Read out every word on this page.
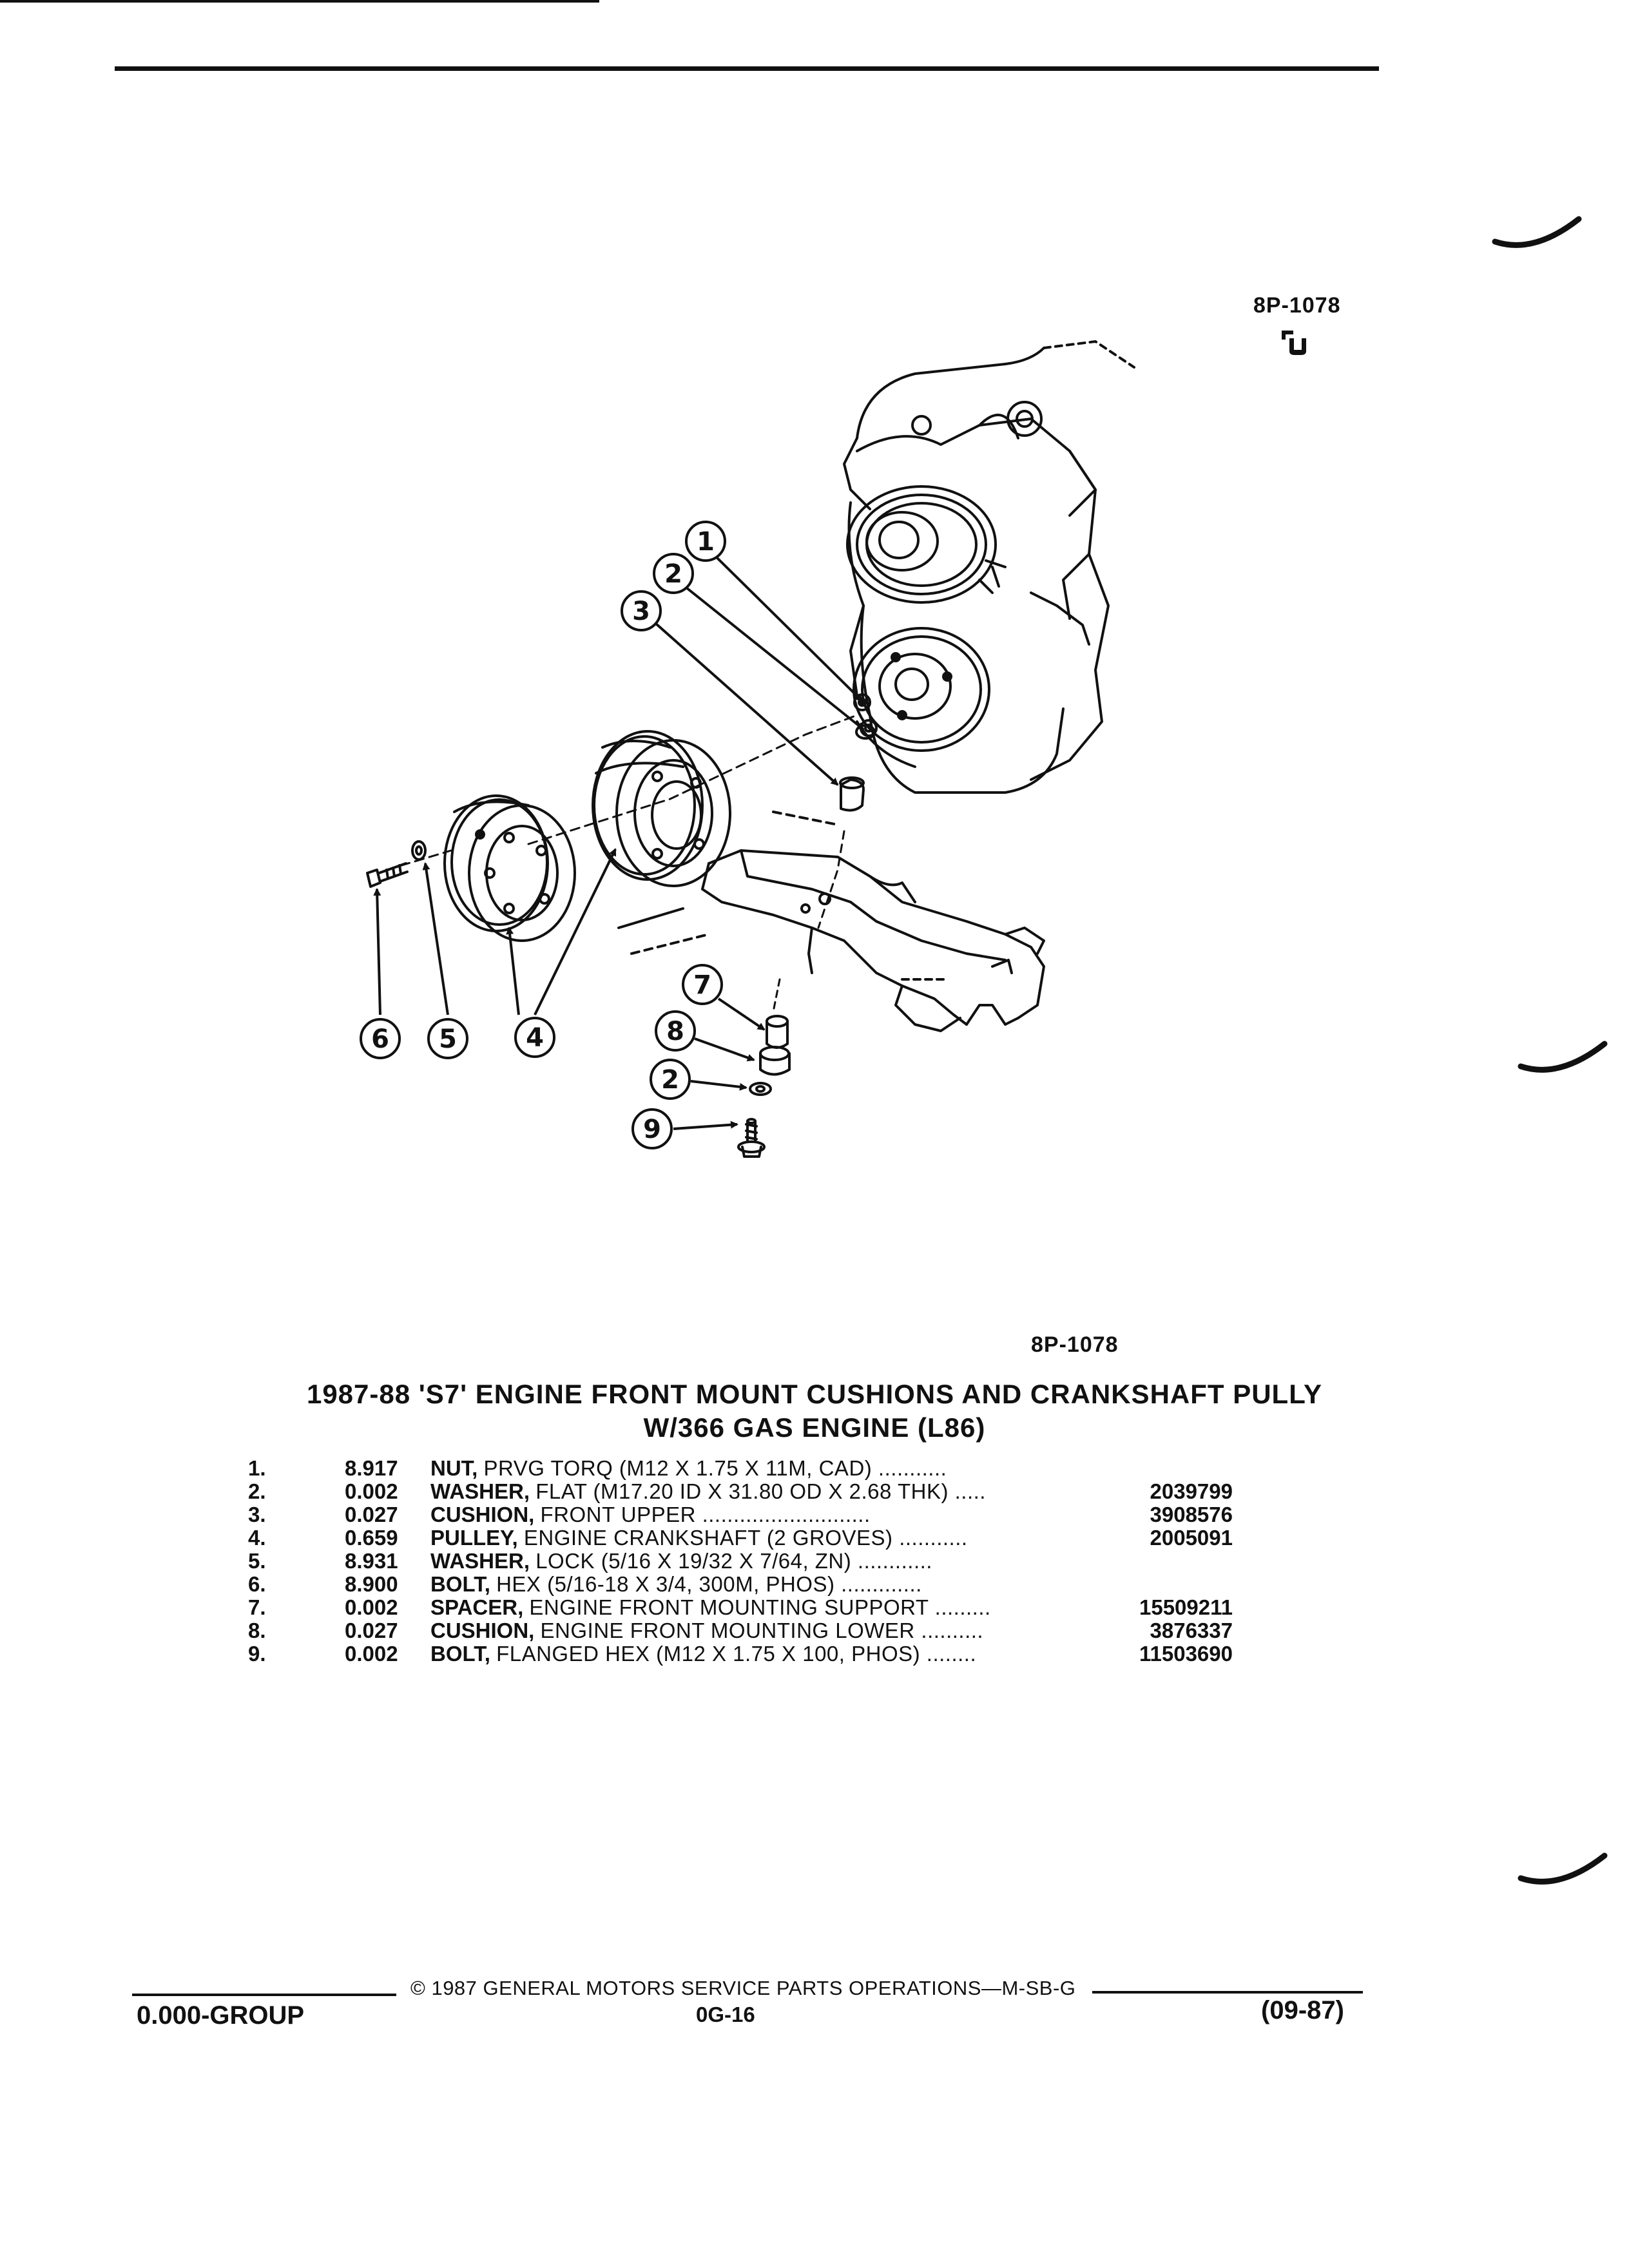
8P-1078
1
2
3
4
5
6
7
8
2
9
8P-1078
1987-88 'S7' ENGINE FRONT MOUNT CUSHIONS AND CRANKSHAFT PULLY
W/366 GAS ENGINE (L86)
1.	8.917 NUT, PRVG TORQ (M12 X 1.75 X 11M, CAD) ...........
2.	0.002 WASHER, FLAT (M17.20 ID X 31.80 OD X 2.68 THK) .....	2039799
3.	0.027 CUSHION, FRONT UPPER ...........................	3908576
4.	0.659 PULLEY, ENGINE CRANKSHAFT (2 GROVES) ...........	2005091
5.	8.931 WASHER, LOCK (5/16 X 19/32 X 7/64, ZN) ............
6.	8.900 BOLT, HEX (5/16-18 X 3/4, 300M, PHOS) .............
7.	0.002 SPACER, ENGINE FRONT MOUNTING SUPPORT .........	15509211
8.	0.027 CUSHION, ENGINE FRONT MOUNTING LOWER ..........	3876337
9.	0.002 BOLT, FLANGED HEX (M12 X 1.75 X 100, PHOS) ........	11503690
© 1987 GENERAL MOTORS SERVICE PARTS OPERATIONS—M-SB-G
0.000-GROUP	0G-16	(09-87)
